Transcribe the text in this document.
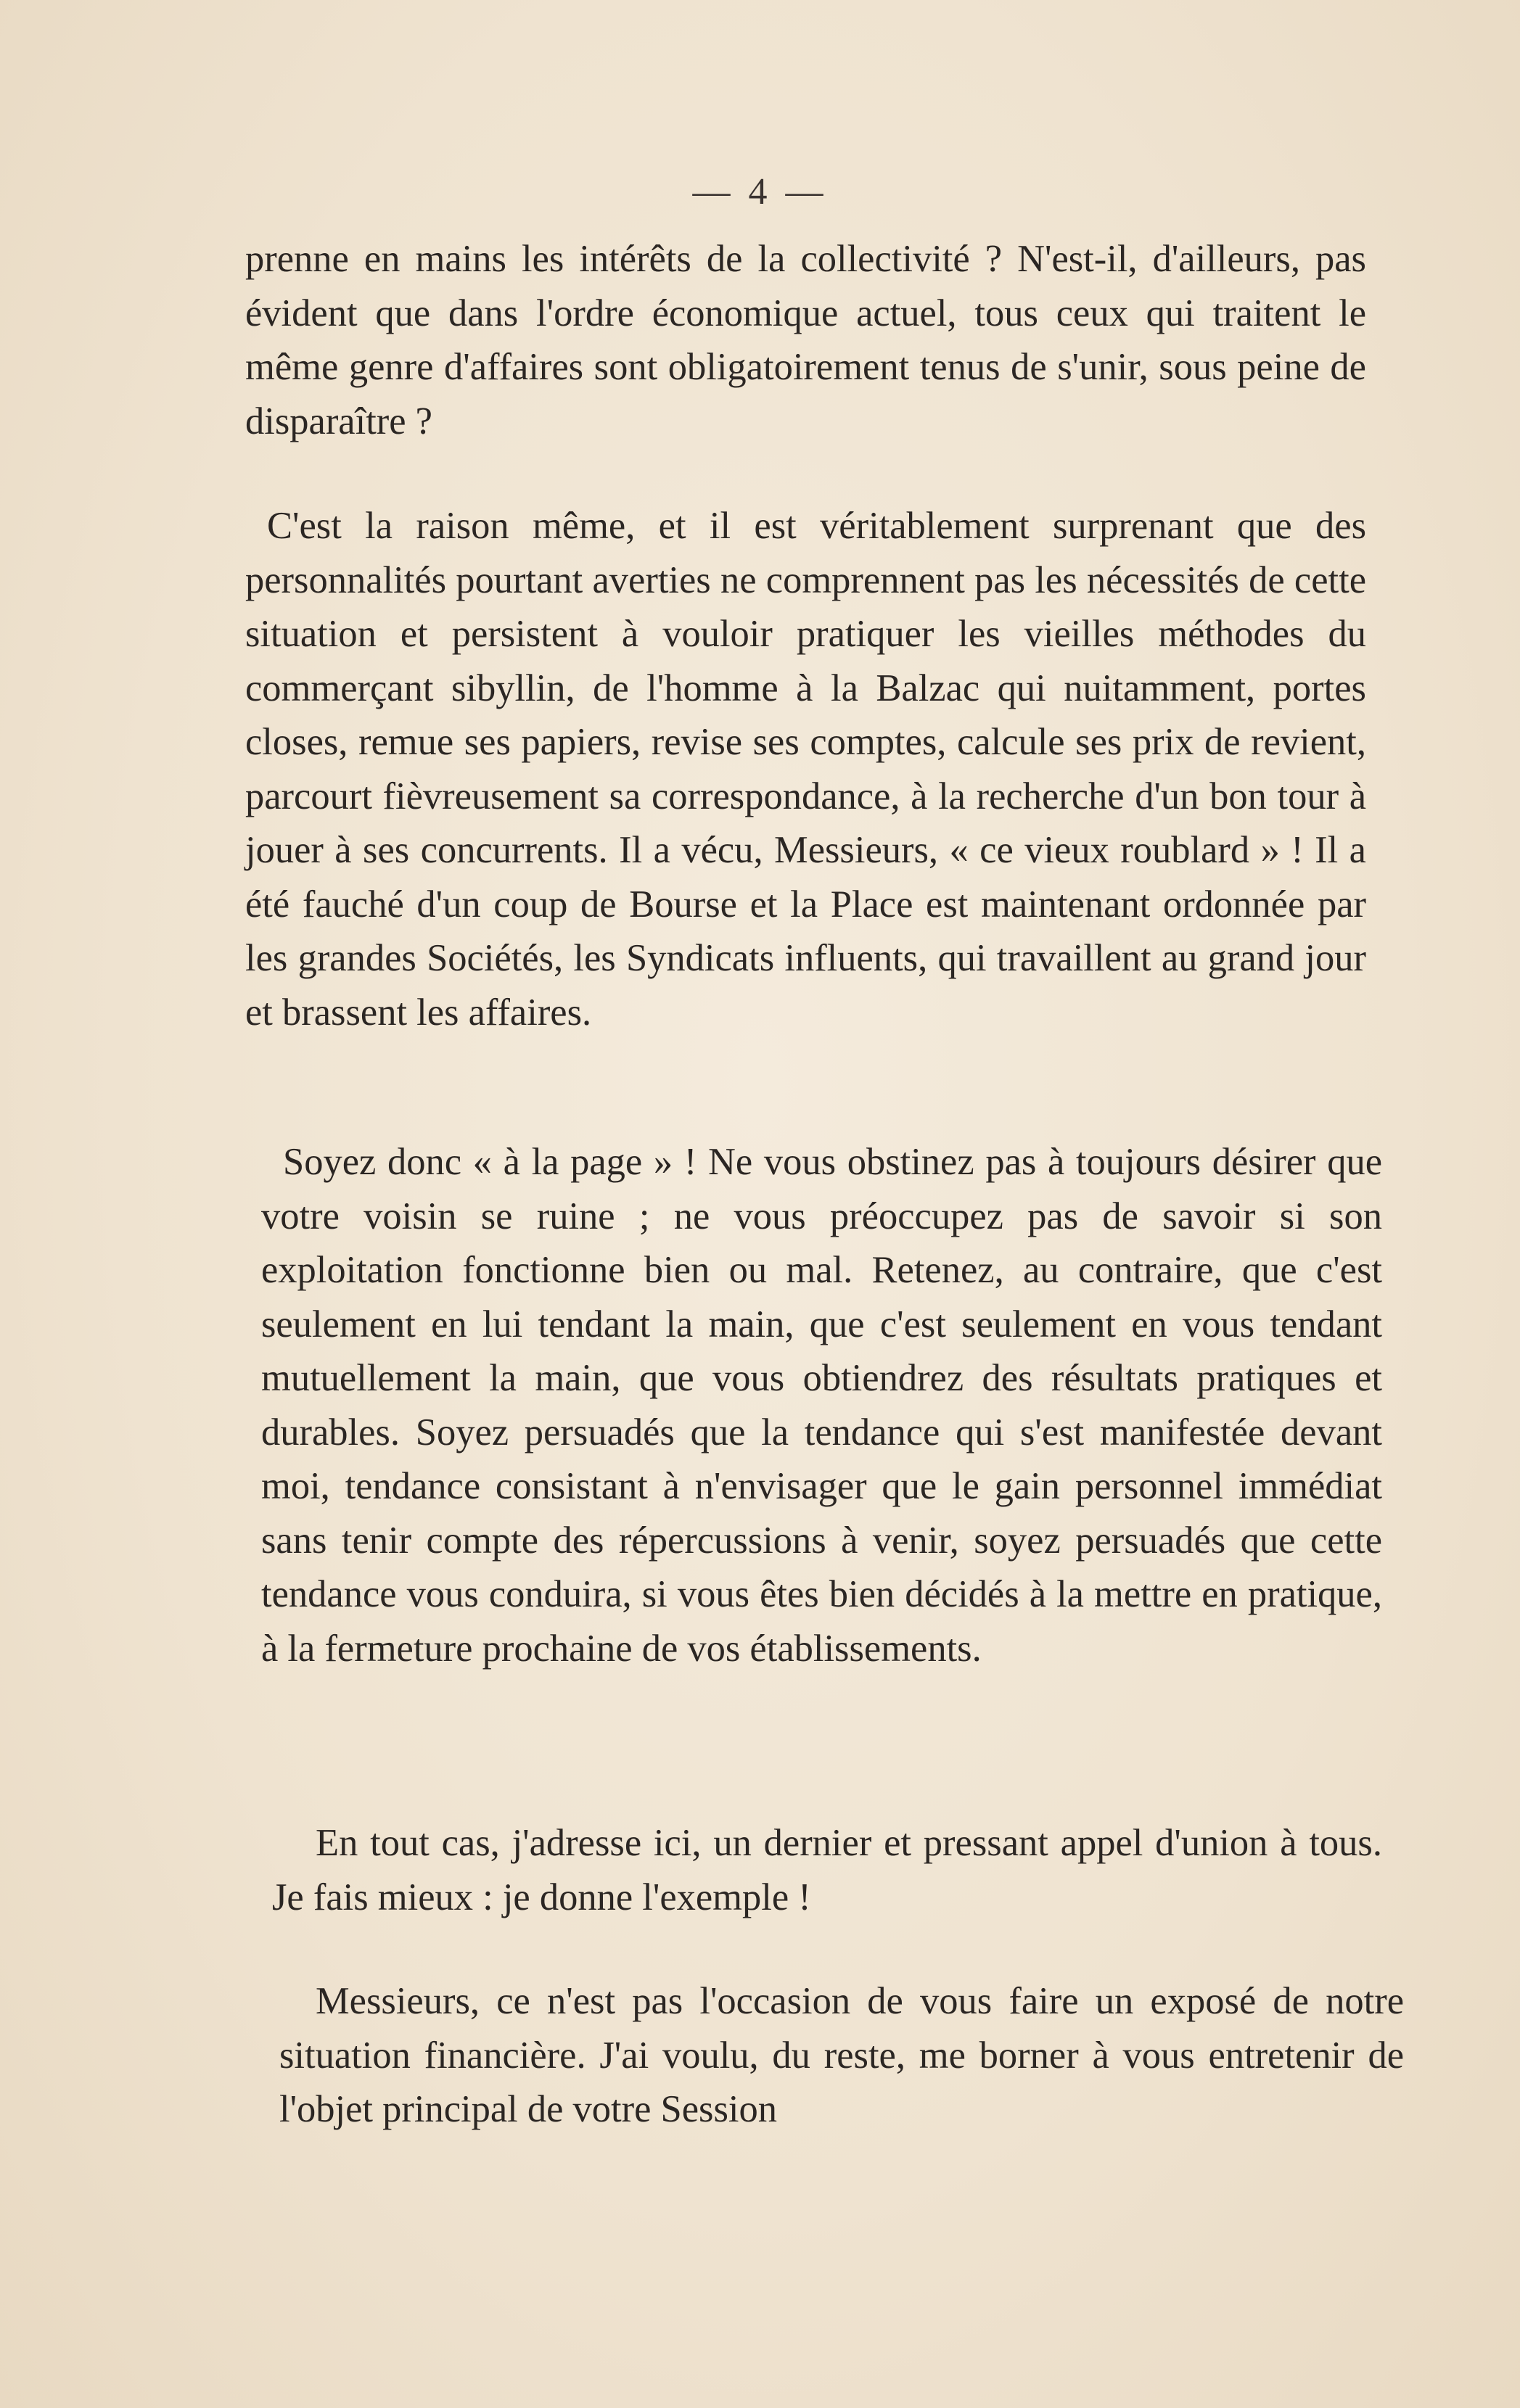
— 4 —

prenne en mains les intérêts de la collectivité ? N'est-il, d'ailleurs, pas évident que dans l'ordre économique actuel, tous ceux qui traitent le même genre d'affaires sont obligatoirement tenus de s'unir, sous peine de disparaître ?

C'est la raison même, et il est véritablement surprenant que des personnalités pourtant averties ne comprennent pas les nécessités de cette situation et persistent à vouloir pratiquer les vieilles méthodes du commerçant sibyllin, de l'homme à la Balzac qui nuitamment, portes closes, remue ses papiers, revise ses comptes, calcule ses prix de revient, parcourt fièvreusement sa correspondance, à la recherche d'un bon tour à jouer à ses concurrents. Il a vécu, Messieurs, « ce vieux roublard » ! Il a été fauché d'un coup de Bourse et la Place est maintenant ordonnée par les grandes Sociétés, les Syndicats influents, qui travaillent au grand jour et brassent les affaires.

Soyez donc « à la page » ! Ne vous obstinez pas à toujours désirer que votre voisin se ruine ; ne vous préoccupez pas de savoir si son exploitation fonctionne bien ou mal. Retenez, au contraire, que c'est seulement en lui tendant la main, que c'est seulement en vous tendant mutuellement la main, que vous obtiendrez des résultats pratiques et durables. Soyez persuadés que la tendance qui s'est manifestée devant moi, tendance consistant à n'envisager que le gain personnel immédiat sans tenir compte des répercussions à venir, soyez persuadés que cette tendance vous conduira, si vous êtes bien décidés à la mettre en pratique, à la fermeture prochaine de vos établissements.

En tout cas, j'adresse ici, un dernier et pressant appel d'union à tous. Je fais mieux : je donne l'exemple !

Messieurs, ce n'est pas l'occasion de vous faire un exposé de notre situation financière. J'ai voulu, du reste, me borner à vous entretenir de l'objet principal de votre Session
